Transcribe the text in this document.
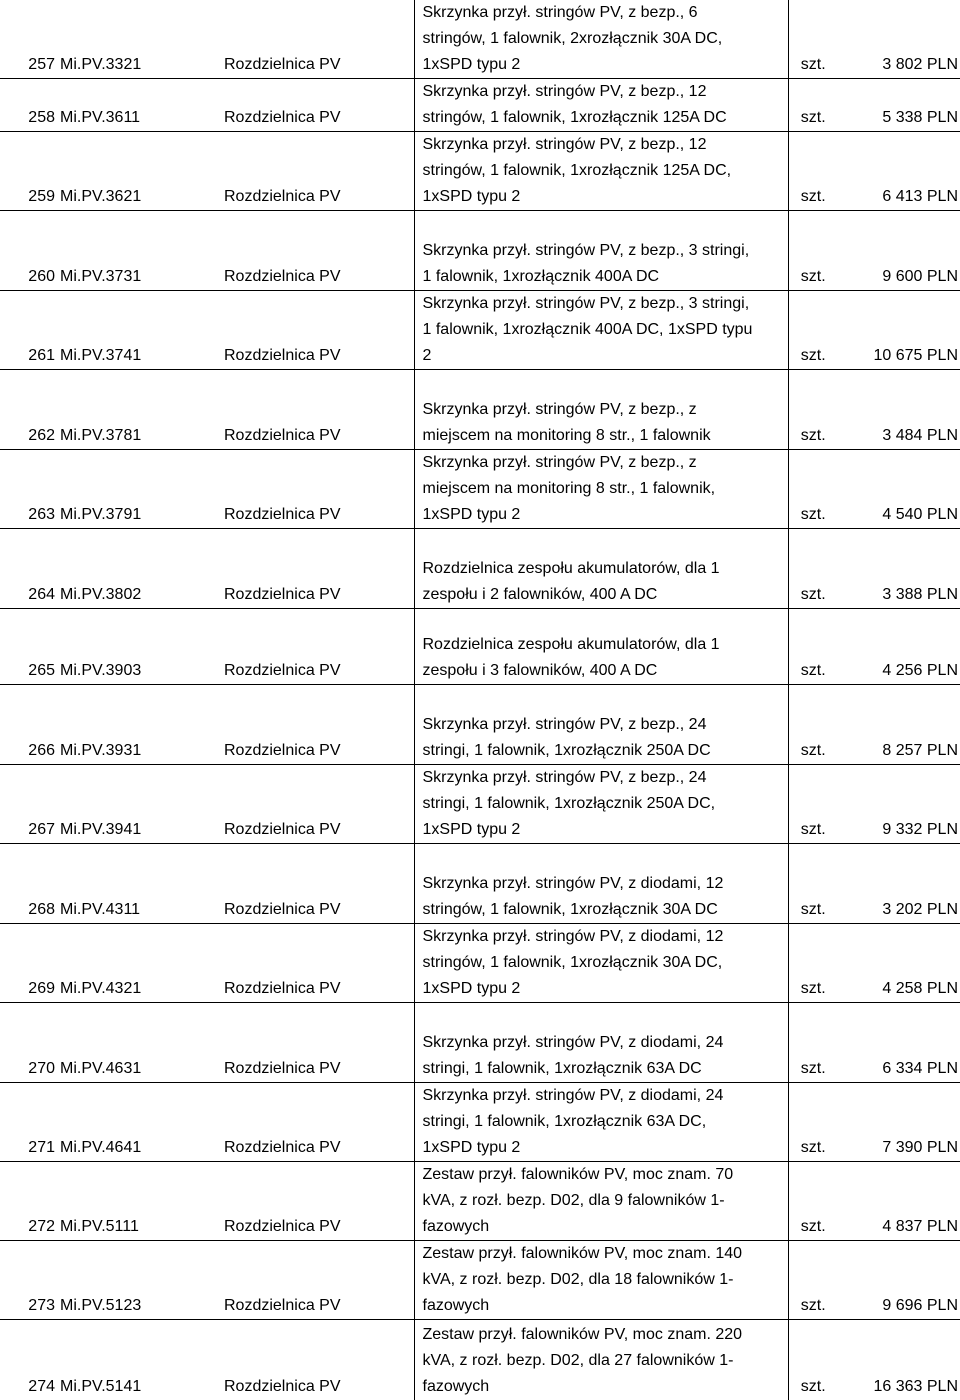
257	Mi.PV.3321	Rozdzielnica PV	Skrzynka przył. stringów PV, z bezp., 6
stringów, 1 falownik, 2xrozłącznik 30A DC,
1xSPD typu 2	szt.	3 802 PLN
258	Mi.PV.3611	Rozdzielnica PV	Skrzynka przył. stringów PV, z bezp., 12
stringów, 1 falownik, 1xrozłącznik 125A DC	szt.	5 338 PLN
259	Mi.PV.3621	Rozdzielnica PV	Skrzynka przył. stringów PV, z bezp., 12
stringów, 1 falownik, 1xrozłącznik 125A DC,
1xSPD typu 2	szt.	6 413 PLN
260	Mi.PV.3731	Rozdzielnica PV	Skrzynka przył. stringów PV, z bezp., 3 stringi,
1 falownik, 1xrozłącznik 400A DC	szt.	9 600 PLN
261	Mi.PV.3741	Rozdzielnica PV	Skrzynka przył. stringów PV, z bezp., 3 stringi,
1 falownik, 1xrozłącznik 400A DC, 1xSPD typu
2	szt.	10 675 PLN
262	Mi.PV.3781	Rozdzielnica PV	Skrzynka przył. stringów PV, z bezp., z
miejscem na monitoring 8 str., 1 falownik	szt.	3 484 PLN
263	Mi.PV.3791	Rozdzielnica PV	Skrzynka przył. stringów PV, z bezp., z
miejscem na monitoring 8 str., 1 falownik,
1xSPD typu 2	szt.	4 540 PLN
264	Mi.PV.3802	Rozdzielnica PV	Rozdzielnica zespołu akumulatorów, dla 1
zespołu i 2 falowników, 400 A DC	szt.	3 388 PLN
265	Mi.PV.3903	Rozdzielnica PV	Rozdzielnica zespołu akumulatorów, dla 1
zespołu i 3 falowników, 400 A DC	szt.	4 256 PLN
266	Mi.PV.3931	Rozdzielnica PV	Skrzynka przył. stringów PV, z bezp., 24
stringi, 1 falownik, 1xrozłącznik 250A DC	szt.	8 257 PLN
267	Mi.PV.3941	Rozdzielnica PV	Skrzynka przył. stringów PV, z bezp., 24
stringi, 1 falownik, 1xrozłącznik 250A DC,
1xSPD typu 2	szt.	9 332 PLN
268	Mi.PV.4311	Rozdzielnica PV	Skrzynka przył. stringów PV, z diodami, 12
stringów, 1 falownik, 1xrozłącznik 30A DC	szt.	3 202 PLN
269	Mi.PV.4321	Rozdzielnica PV	Skrzynka przył. stringów PV, z diodami, 12
stringów, 1 falownik, 1xrozłącznik 30A DC,
1xSPD typu 2	szt.	4 258 PLN
270	Mi.PV.4631	Rozdzielnica PV	Skrzynka przył. stringów PV, z diodami, 24
stringi, 1 falownik, 1xrozłącznik 63A DC	szt.	6 334 PLN
271	Mi.PV.4641	Rozdzielnica PV	Skrzynka przył. stringów PV, z diodami, 24
stringi, 1 falownik, 1xrozłącznik 63A DC,
1xSPD typu 2	szt.	7 390 PLN
272	Mi.PV.5111	Rozdzielnica PV	Zestaw przył. falowników PV, moc znam. 70
kVA, z rozł. bezp. D02, dla 9 falowników 1-
fazowych	szt.	4 837 PLN
273	Mi.PV.5123	Rozdzielnica PV	Zestaw przył. falowników PV, moc znam. 140
kVA, z rozł. bezp. D02, dla 18 falowników 1-
fazowych	szt.	9 696 PLN
274	Mi.PV.5141	Rozdzielnica PV	Zestaw przył. falowników PV, moc znam. 220
kVA, z rozł. bezp. D02, dla 27 falowników 1-
fazowych	szt.	16 363 PLN
